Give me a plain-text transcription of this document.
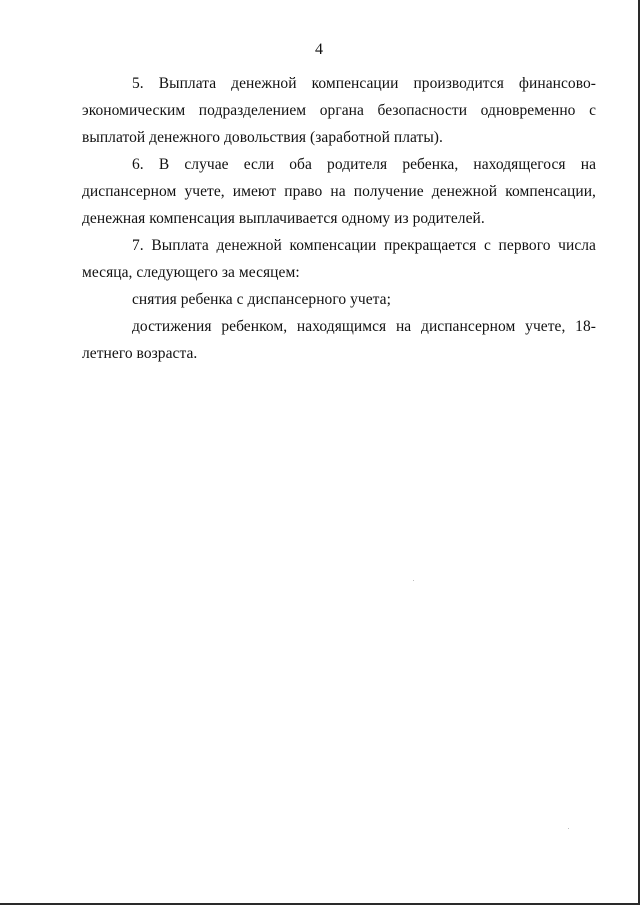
4

5. Выплата денежной компенсации производится финансово-экономическим подразделением органа безопасности одновременно с выплатой денежного довольствия (заработной платы).

6. В случае если оба родителя ребенка, находящегося на диспансерном учете, имеют право на получение денежной компенсации, денежная компенсация выплачивается одному из родителей.

7. Выплата денежной компенсации прекращается с первого числа месяца, следующего за месяцем:

снятия ребенка с диспансерного учета;

достижения ребенком, находящимся на диспансерном учете, 18-летнего возраста.
